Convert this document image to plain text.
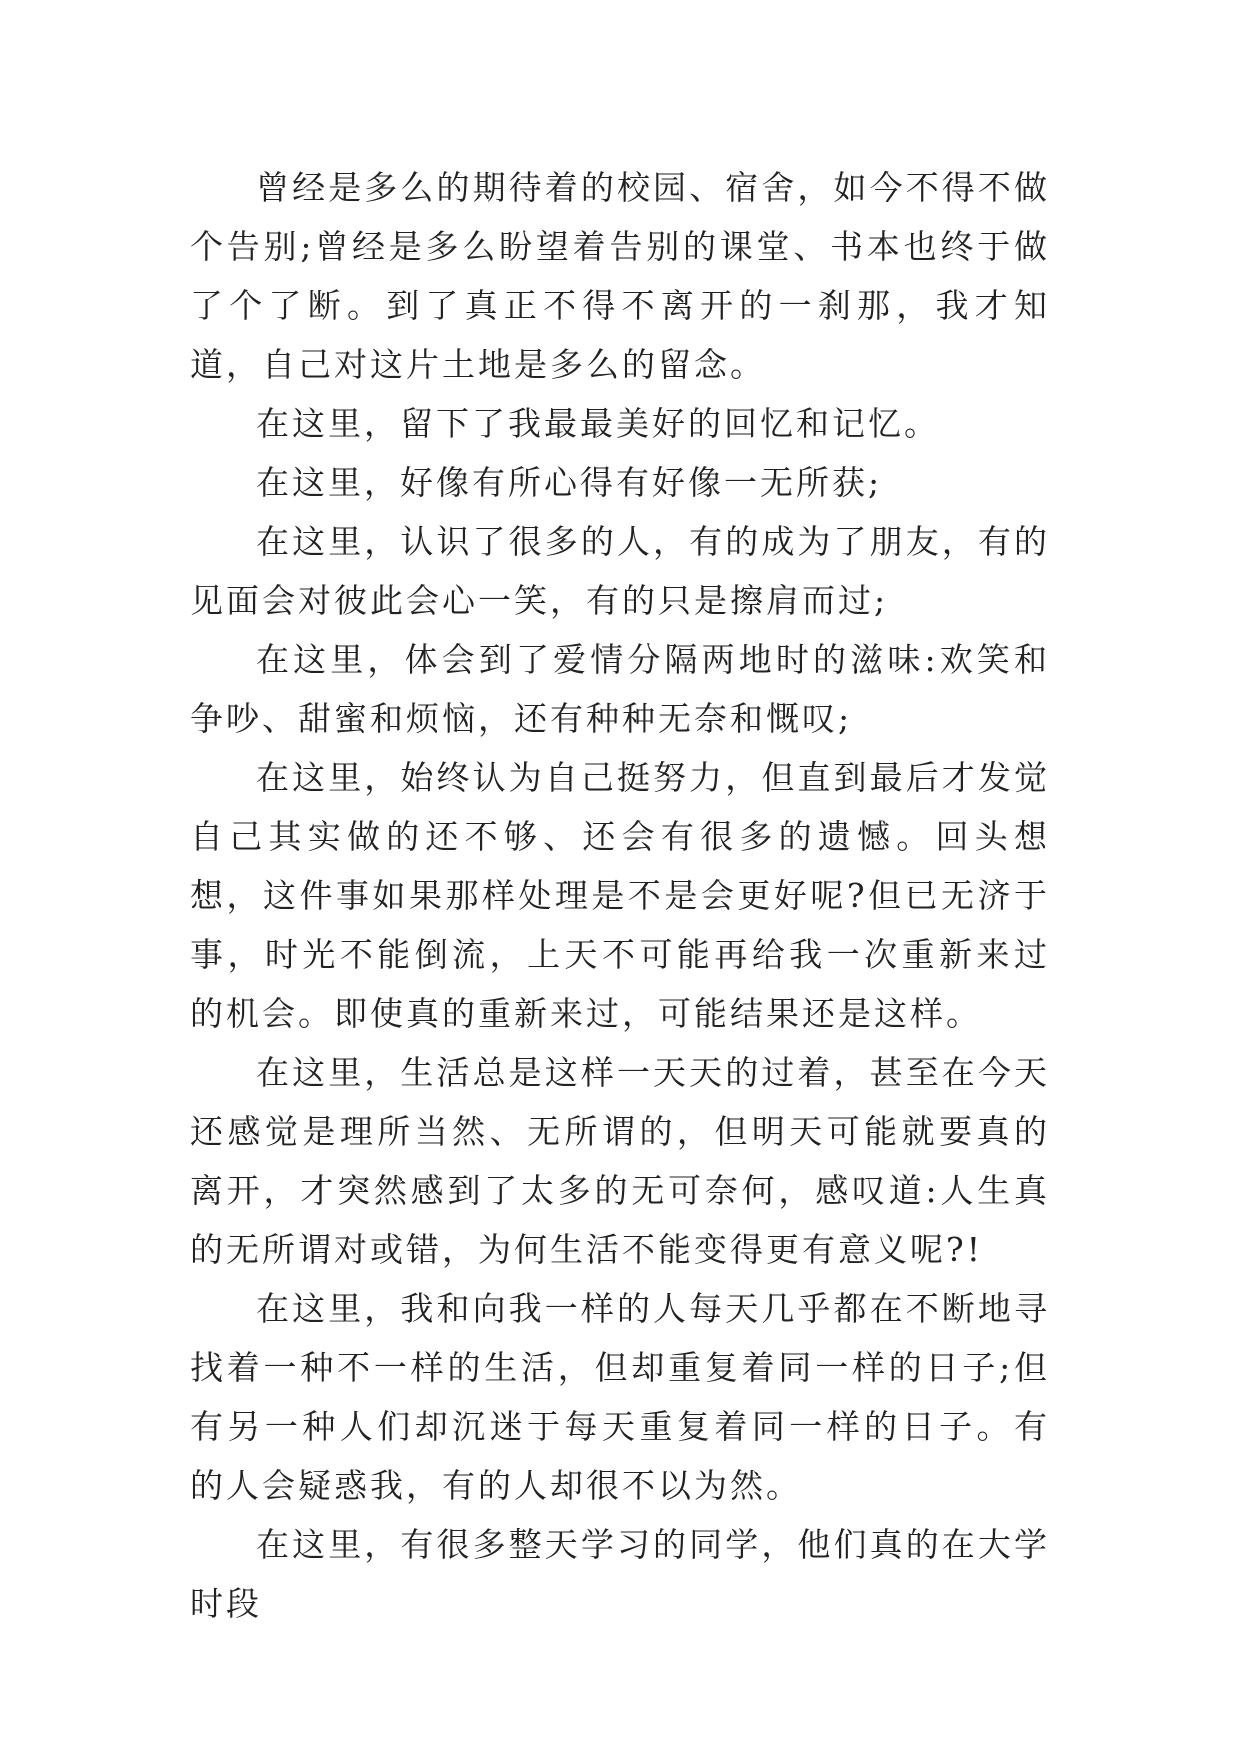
曾经是多么的期待着的校园、宿舍，如今不得不做个告别;曾经是多么盼望着告别的课堂、书本也终于做了个了断。到了真正不得不离开的一刹那，我才知道，自己对这片土地是多么的留念。

在这里，留下了我最最美好的回忆和记忆。

在这里，好像有所心得有好像一无所获;

在这里，认识了很多的人，有的成为了朋友，有的见面会对彼此会心一笑，有的只是擦肩而过;

在这里，体会到了爱情分隔两地时的滋味:欢笑和争吵、甜蜜和烦恼，还有种种无奈和慨叹;

在这里，始终认为自己挺努力，但直到最后才发觉自己其实做的还不够、还会有很多的遗憾。回头想想，这件事如果那样处理是不是会更好呢?但已无济于事，时光不能倒流，上天不可能再给我一次重新来过的机会。即使真的重新来过，可能结果还是这样。

在这里，生活总是这样一天天的过着，甚至在今天还感觉是理所当然、无所谓的，但明天可能就要真的离开，才突然感到了太多的无可奈何，感叹道:人生真的无所谓对或错，为何生活不能变得更有意义呢?!

在这里，我和向我一样的人每天几乎都在不断地寻找着一种不一样的生活，但却重复着同一样的日子;但有另一种人们却沉迷于每天重复着同一样的日子。有的人会疑惑我，有的人却很不以为然。

在这里，有很多整天学习的同学，他们真的在大学时段
